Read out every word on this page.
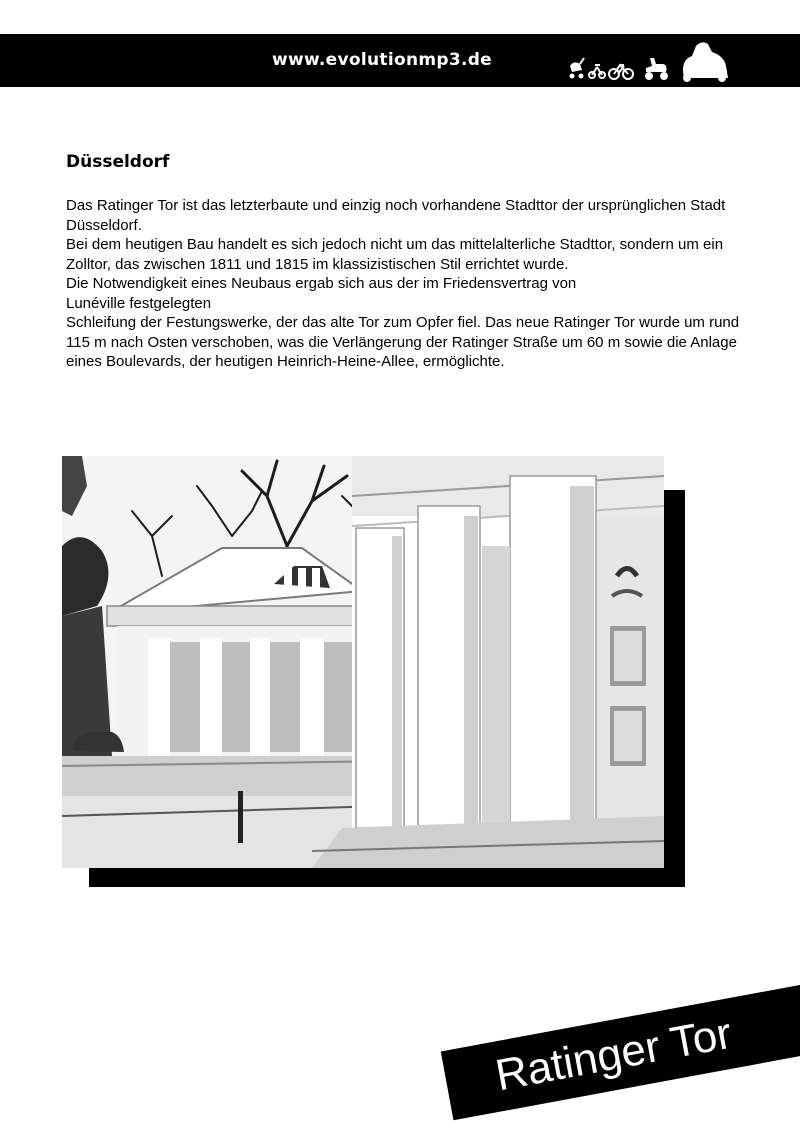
www.evolutionmp3.de
Düsseldorf

Das Ratinger Tor ist das letzterbaute und einzig noch vorhandene Stadttor der ursprünglichen Stadt Düsseldorf.

Bei dem heutigen Bau handelt es sich jedoch nicht um das mittelalterliche Stadttor, sondern um ein Zolltor, das zwischen 1811 und 1815 im klassizistischen Stil errichtet wurde.

Die Notwendigkeit eines Neubaus ergab sich aus der im Friedensvertrag von

Lunéville festgelegten

Schleifung der Festungswerke, der das alte Tor zum Opfer fiel. Das neue Ratinger Tor wurde um rund 115 m nach Osten verschoben, was die Verlängerung der Ratinger Straße um 60 m sowie die Anlage eines Boulevards, der heutigen Heinrich-Heine-Allee, ermöglichte.

Ratinger Tor
